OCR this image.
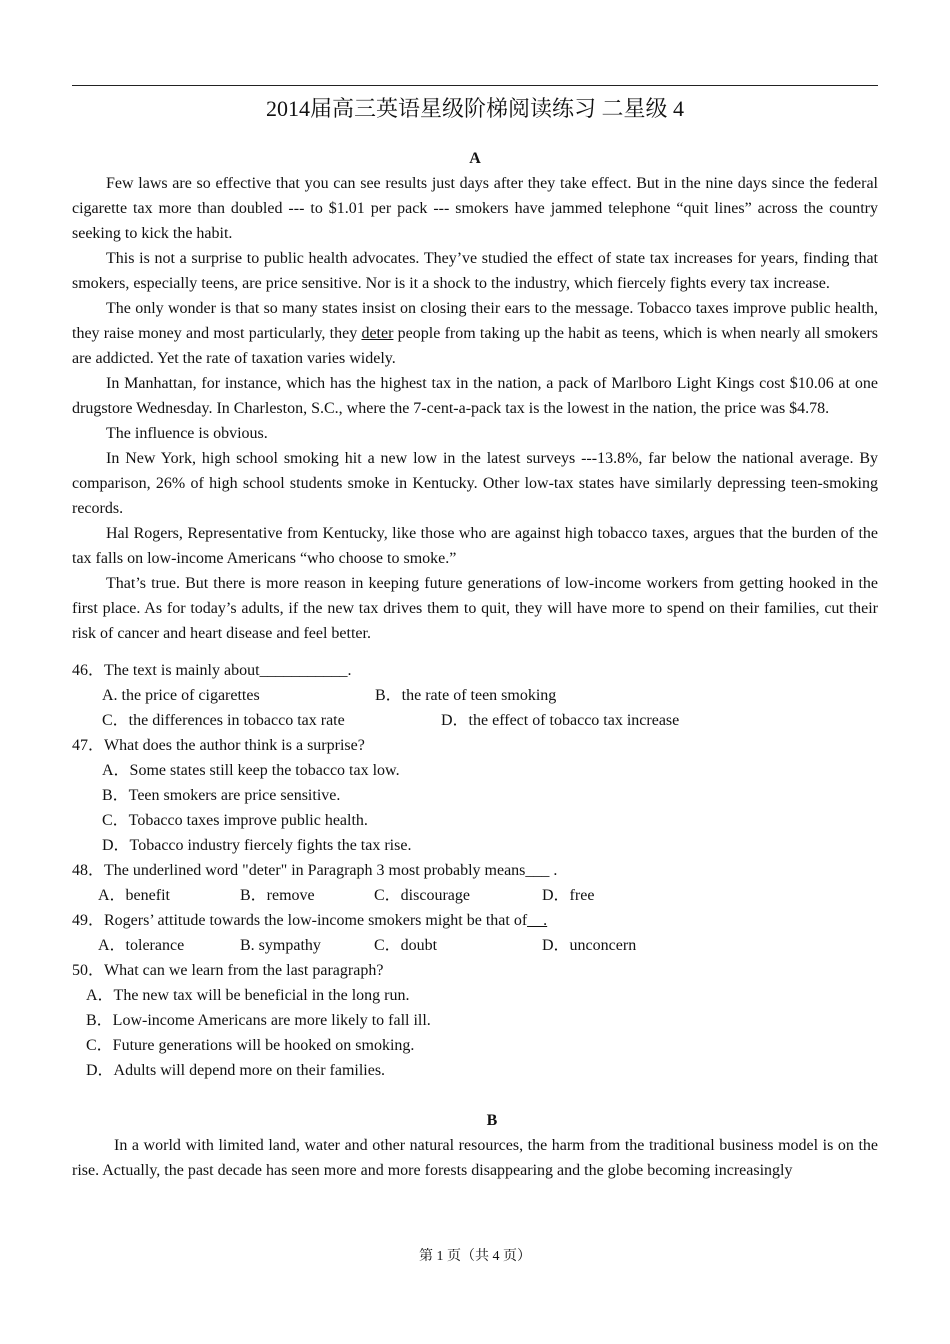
2014届高三英语星级阶梯阅读练习 二星级 4

A

Few laws are so effective that you can see results just days after they take effect. But in the nine days since the federal cigarette tax more than doubled --- to $1.01 per pack --- smokers have jammed telephone “quit lines” across the country seeking to kick the habit.

This is not a surprise to public health advocates. They’ve studied the effect of state tax increases for years, finding that smokers, especially teens, are price sensitive. Nor is it a shock to the industry, which fiercely fights every tax increase.

The only wonder is that so many states insist on closing their ears to the message. Tobacco taxes improve public health, they raise money and most particularly, they deter people from taking up the habit as teens, which is when nearly all smokers are addicted. Yet the rate of taxation varies widely.

In Manhattan, for instance, which has the highest tax in the nation, a pack of Marlboro Light Kings cost $10.06 at one drugstore Wednesday. In Charleston, S.C., where the 7-cent-a-pack tax is the lowest in the nation, the price was $4.78.

The influence is obvious.

In New York, high school smoking hit a new low in the latest surveys ---13.8%, far below the national average. By comparison, 26% of high school students smoke in Kentucky. Other low-tax states have similarly depressing teen-smoking records.

Hal Rogers, Representative from Kentucky, like those who are against high tobacco taxes, argues that the burden of the tax falls on low-income Americans “who choose to smoke.”

That’s true. But there is more reason in keeping future generations of low-income workers from getting hooked in the first place. As for today’s adults, if the new tax drives them to quit, they will have more to spend on their families, cut their risk of cancer and heart disease and feel better.

46．The text is mainly about___________.

A. the price of cigarettes	B．the rate of teen smoking
C．the differences in tobacco tax rate	D．the effect of tobacco tax increase

47．What does the author think is a surprise?

A．Some states still keep the tobacco tax low.

B．Teen smokers are price sensitive.

C．Tobacco taxes improve public health.

D．Tobacco industry fiercely fights the tax rise.

48．The underlined word "deter" in Paragraph 3 most probably means___ .

A．benefit	B．remove	C．discourage	D．free

49．Rogers’ attitude towards the low-income smokers might be that of__.

A．tolerance	B. sympathy	C．doubt	D．unconcern

50．What can we learn from the last paragraph?

A．The new tax will be beneficial in the long run.

B．Low-income Americans are more likely to fall ill.

C．Future generations will be hooked on smoking.

D．Adults will depend more on their families.

B

In a world with limited land, water and other natural resources, the harm from the traditional business model is on the rise. Actually, the past decade has seen more and more forests disappearing and the globe becoming increasingly

第 1 页（共 4 页）
